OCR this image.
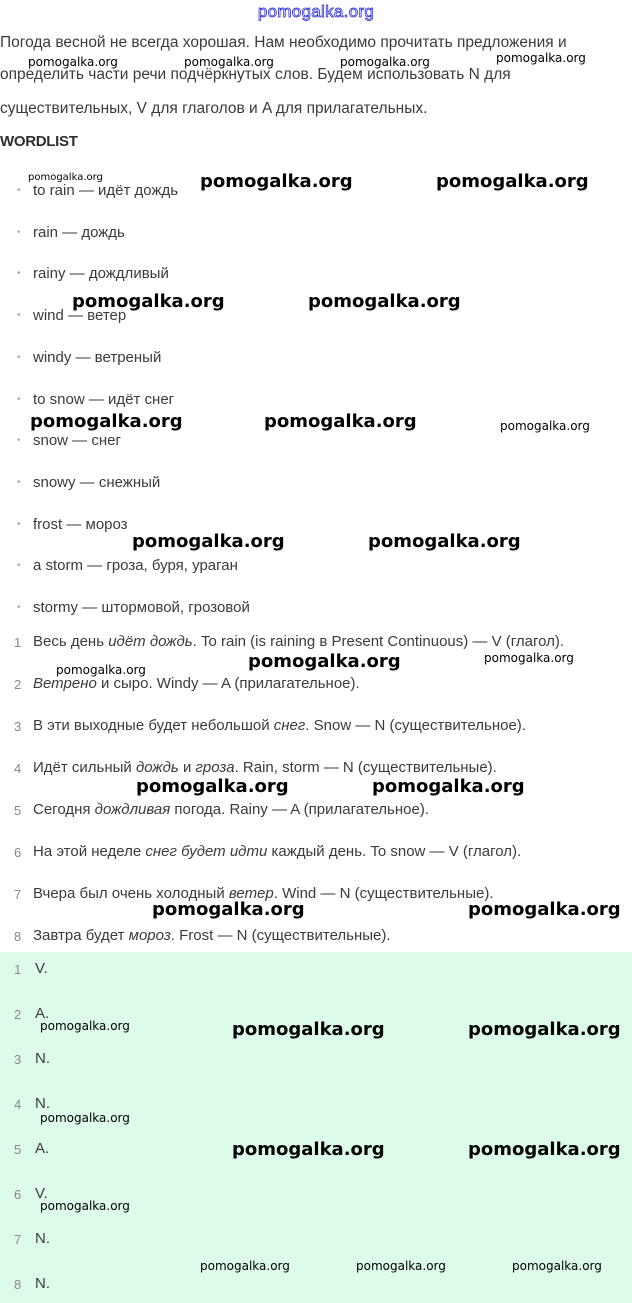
pomogalka.org
Погода весной не всегда хорошая. Нам необходимо прочитать предложения и
определить части речи подчёркнутых слов. Будем использовать N для
существительных, V для глаголов и A для прилагательных.
WORDLIST
• to rain — идёт дождь
• rain — дождь
• rainy — дождливый
• wind — ветер
• windy — ветреный
• to snow — идёт снег
• snow — снег
• snowy — снежный
• frost — мороз
• a storm — гроза, буря, ураган
• stormy — штормовой, грозовой
1 Весь день идёт дождь. To rain (is raining в Present Continuous) — V (глагол).
2 Ветрено и сыро. Windy — A (прилагательное).
3 В эти выходные будет небольшой снег. Snow — N (существительное).
4 Идёт сильный дождь и гроза. Rain, storm — N (существительные).
5 Сегодня дождливая погода. Rainy — A (прилагательное).
6 На этой неделе снег будет идти каждый день. To snow — V (глагол).
7 Вчера был очень холодный ветер. Wind — N (существительные).
8 Завтра будет мороз. Frost — N (существительные).
1 V.
2 A.
3 N.
4 N.
5 A.
6 V.
7 N.
8 N.
pomogalka.org	pomogalka.org	pomogalka.org
pomogalka.org	pomogalka.org	pomogalka.org	pomogalka.org
pomogalka.org	pomogalka.org
pomogalka.org	pomogalka.org	pomogalka.org
pomogalka.org	pomogalka.org
pomogalka.org	pomogalka.org	pomogalka.org
pomogalka.org	pomogalka.org
pomogalka.org	pomogalka.org
pomogalka.org	pomogalka.org	pomogalka.org
pomogalka.org
pomogalka.org	pomogalka.org
pomogalka.org
pomogalka.org	pomogalka.org	pomogalka.org
